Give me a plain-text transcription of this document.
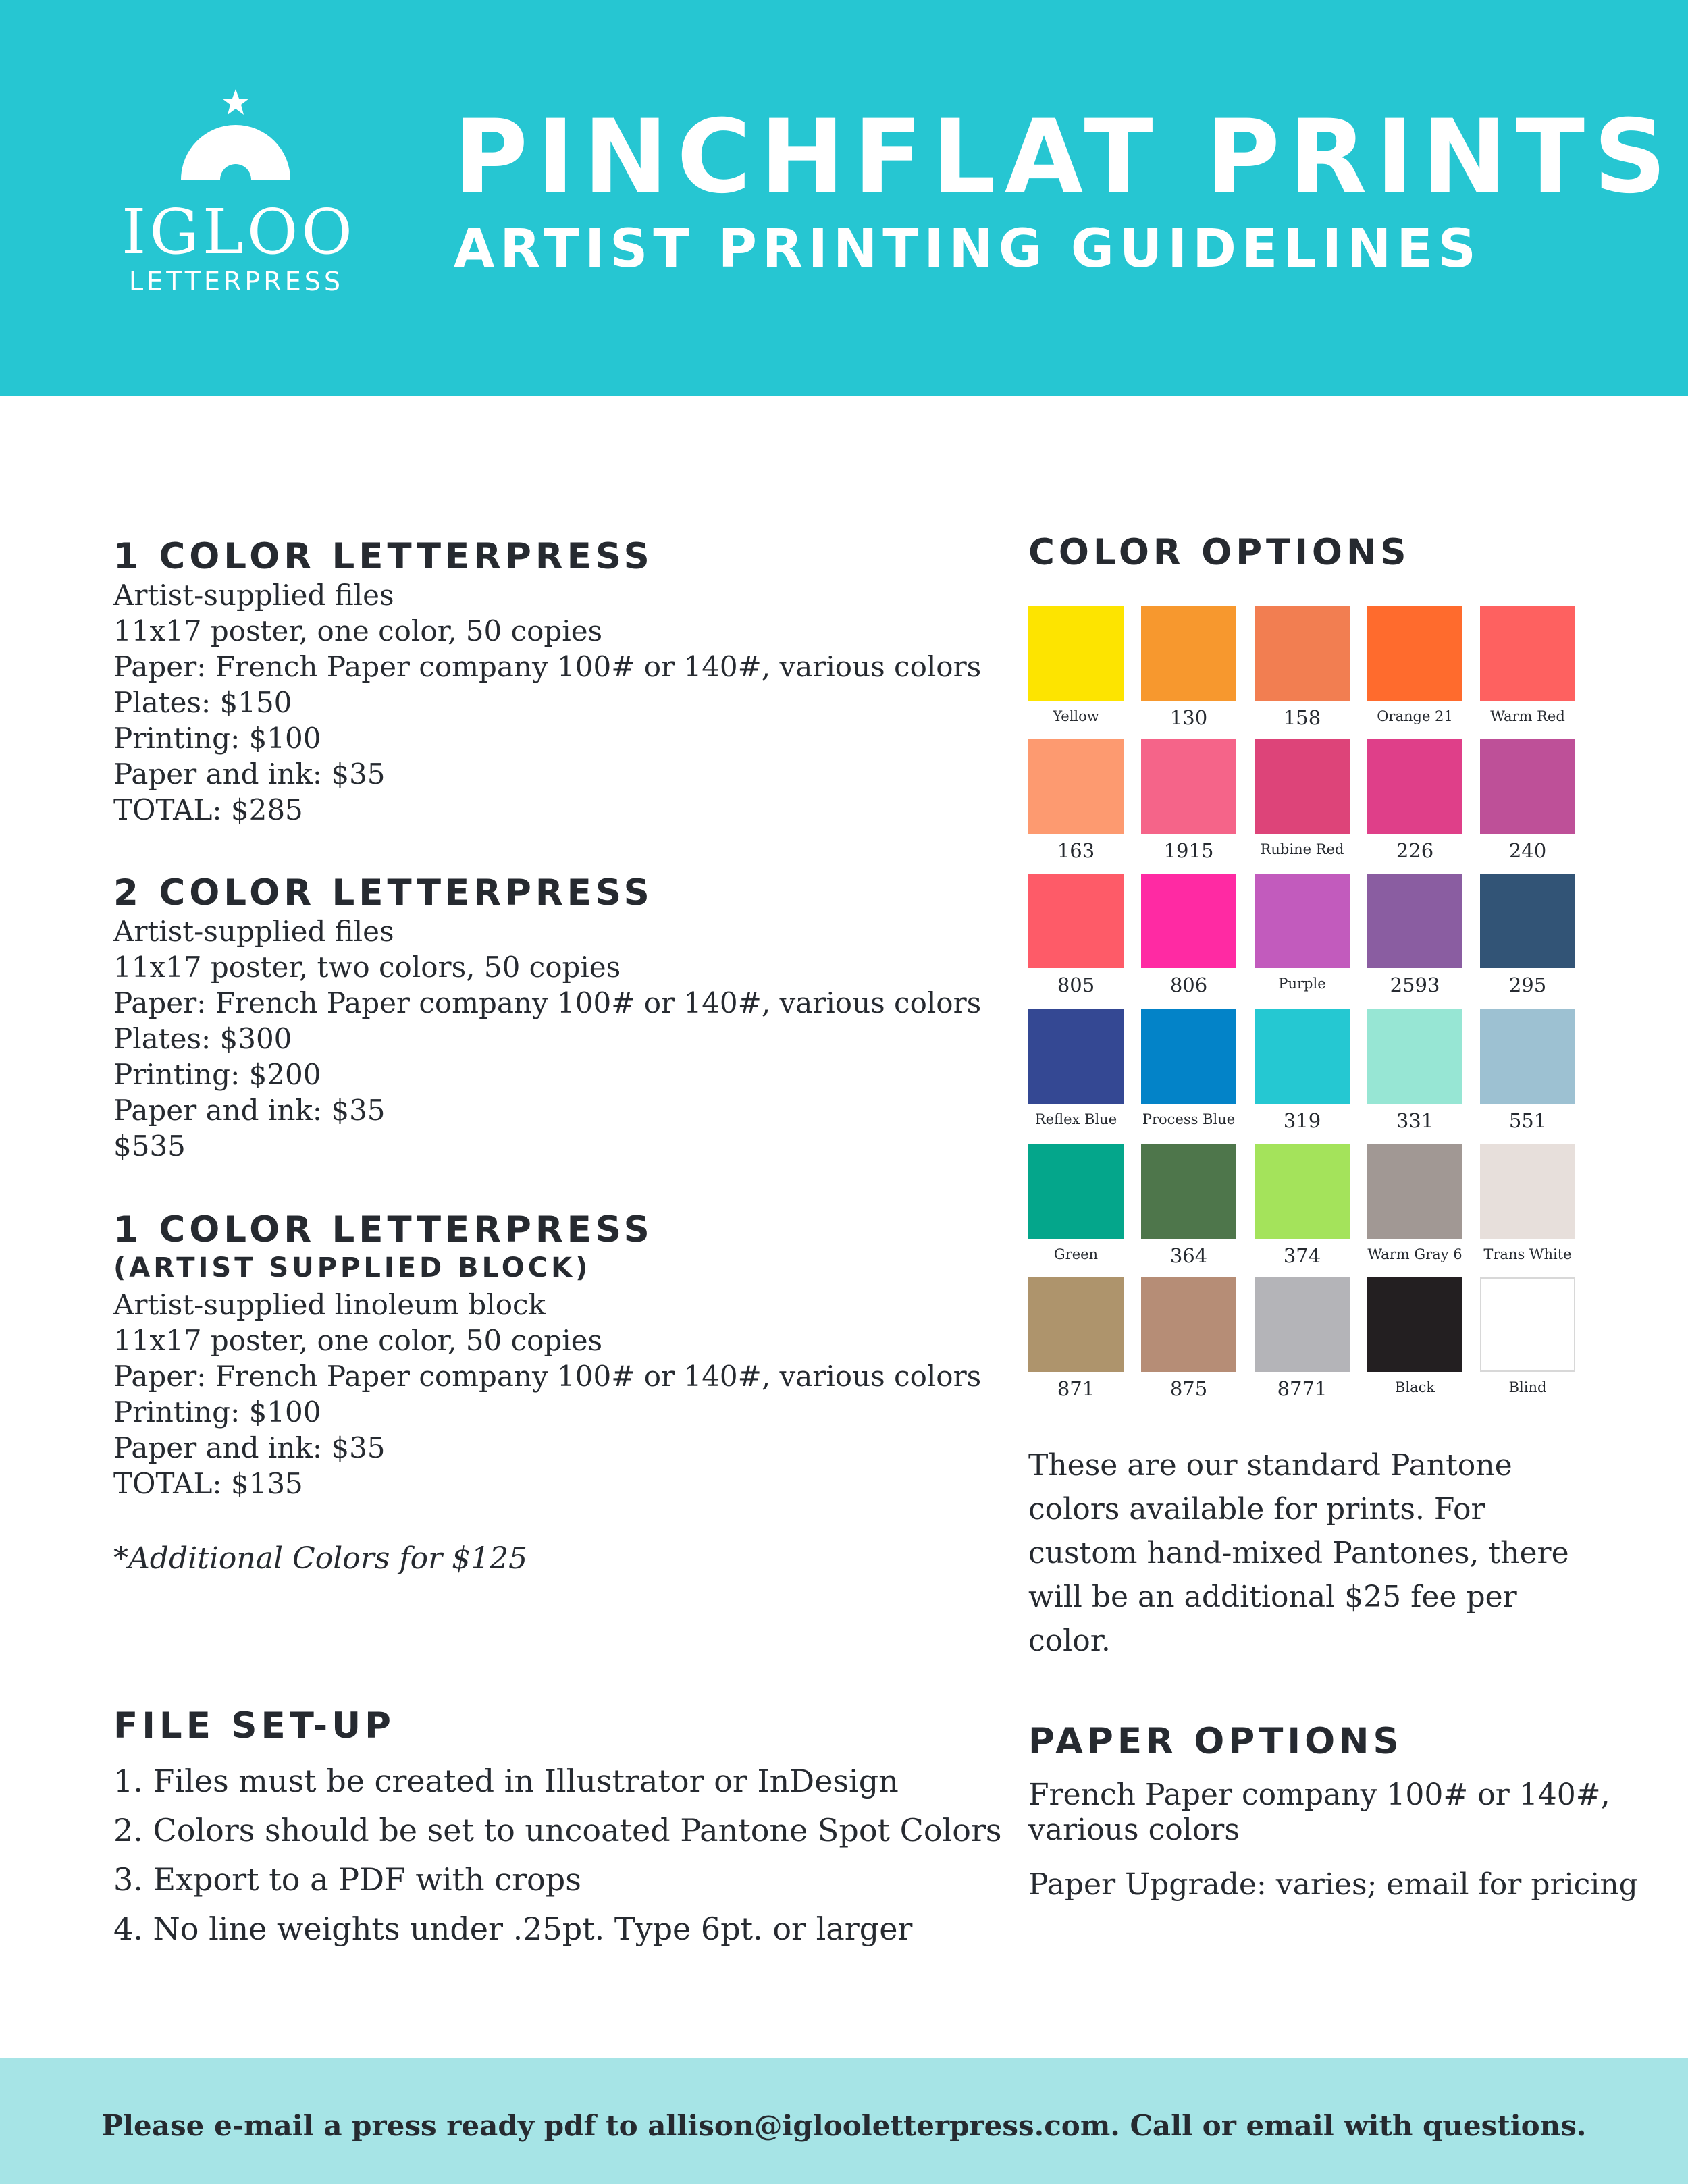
IGLOO
LETTERPRESS
PINCHFLAT PRINTS
ARTIST PRINTING GUIDELINES
1 COLOR LETTERPRESS
Artist-supplied files
11x17 poster, one color, 50 copies
Paper: French Paper company 100# or 140#, various colors
Plates: $150
Printing: $100
Paper and ink: $35
TOTAL: $285
2 COLOR LETTERPRESS
Artist-supplied files
11x17 poster, two colors, 50 copies
Paper: French Paper company 100# or 140#, various colors
Plates: $300
Printing: $200
Paper and ink: $35
$535
1 COLOR LETTERPRESS
(ARTIST SUPPLIED BLOCK)
Artist-supplied linoleum block
11x17 poster, one color, 50 copies
Paper: French Paper company 100# or 140#, various colors
Printing: $100
Paper and ink: $35
TOTAL: $135
*Additional Colors for $125
FILE SET-UP
1. Files must be created in Illustrator or InDesign
2. Colors should be set to uncoated Pantone Spot Colors
3. Export to a PDF with crops
4. No line weights under .25pt. Type 6pt. or larger
COLOR OPTIONS
Yellow	130	158	Orange 21	Warm Red
163	1915	Rubine Red	226	240
805	806	Purple	2593	295
Reflex Blue	Process Blue	319	331	551
Green	364	374	Warm Gray 6	Trans White
871	875	8771	Black	Blind
These are our standard Pantone colors available for prints. For custom hand-mixed Pantones, there will be an additional $25 fee per color.
PAPER OPTIONS
French Paper company 100# or 140#,
various colors
Paper Upgrade: varies; email for pricing
Please e-mail a press ready pdf to allison@iglooletterpress.com. Call or email with questions.
